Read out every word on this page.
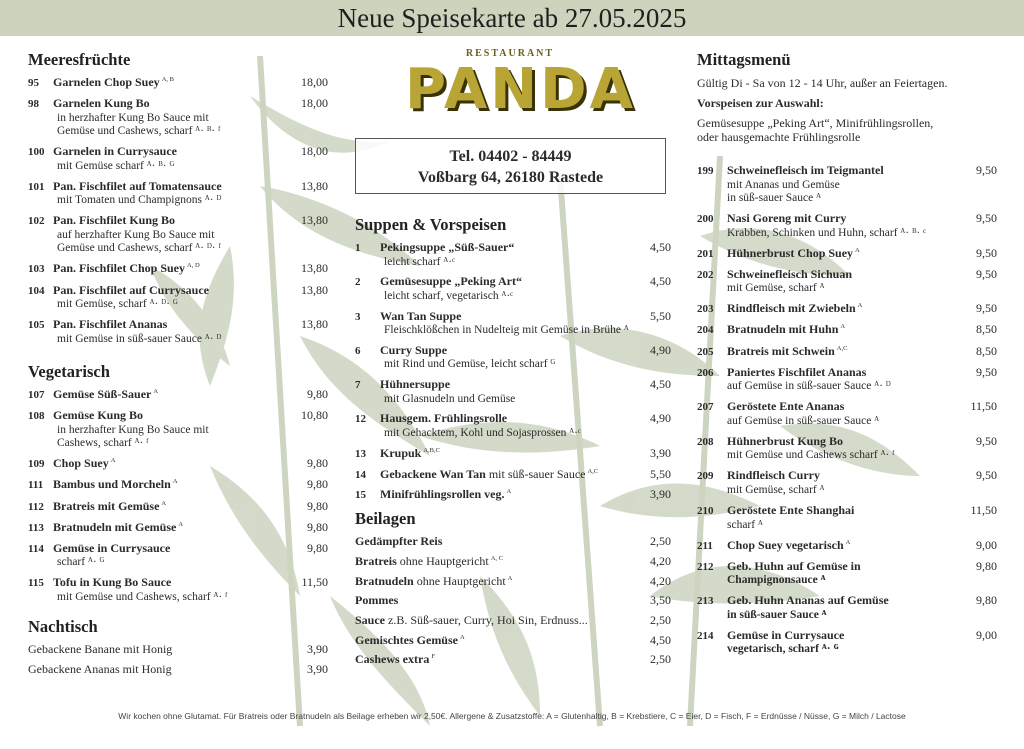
Neue Speisekarte ab 27.05.2025
Meeresfrüchte
95 Garnelen Chop Suey $^{A, B}$	18,00
98 Garnelen Kung Bo
in herzhafter Kung Bo Sauce mit
Gemüse und Cashews, scharf ᴬ· ᴮ· ᶠ
18,00
100 Garnelen in Currysauce
mit Gemüse scharf ᴬ· ᴮ· ᴳ
18,00
101 Pan. Fischfilet auf Tomatensauce
mit Tomaten und Champignons ᴬ· ᴰ
13,80
102 Pan. Fischfilet Kung Bo
auf herzhafter Kung Bo Sauce mit
Gemüse und Cashews, scharf ᴬ· ᴰ· ᶠ
13,80
103 Pan. Fischfilet Chop Suey $^{A, D}$	13,80
104 Pan. Fischfilet auf Currysauce
mit Gemüse, scharf ᴬ· ᴰ· ᴳ
13,80
105 Pan. Fischfilet Ananas
mit Gemüse in süß-sauer Sauce ᴬ· ᴰ
13,80
Vegetarisch
107 Gemüse Süß-Sauer $^A$	9,80
108 Gemüse Kung Bo
in herzhafter Kung Bo Sauce mit
Cashews, scharf ᴬ· ᶠ
10,80
109 Chop Suey $^A$	9,80
111 Bambus und Morcheln $^A$	9,80
112 Bratreis mit Gemüse $^A$	9,80
113 Bratnudeln mit Gemüse $^A$	9,80
114 Gemüse in Currysauce
scharf ᴬ· ᴳ
9,80
115 Tofu in Kung Bo Sauce
mit Gemüse und Cashews, scharf ᴬ· ᶠ
11,50
Nachtisch
Gebackene Banane mit Honig	3,90
Gebackene Ananas mit Honig	3,90
RESTAURANT
PANDA
Tel. 04402 - 84449
Voßbarg 64, 26180 Rastede
Suppen & Vorspeisen
1 Pekingsuppe „Süß-Sauer“
leicht scharf ᴬ·ᶜ
4,50
2 Gemüsesuppe „Peking Art“
leicht scharf, vegetarisch ᴬ·ᶜ
4,50
3 Wan Tan Suppe
Fleischklößchen in Nudelteig mit Gemüse in Brühe ᴬ
5,50
6 Curry Suppe
mit Rind und Gemüse, leicht scharf ᴳ
4,90
7 Hühnersuppe
mit Glasnudeln und Gemüse
4,50
12 Hausgem. Frühlingsrolle
mit Gehacktem, Kohl und Sojasprossen ᴬ·ᶜ
4,90
13 Krupuk $^{A,B,C}$	3,90
14 Gebackene Wan Tan mit süß-sauer Sauce $^{A,C}$	5,50
15 Minifrühlingsrollen veg. $^A$	3,90
Beilagen
Gedämpfter Reis	2,50
Bratreis ohne Hauptgericht $^{A, C}$	4,20
Bratnudeln ohne Hauptgericht $^A$	4,20
Pommes	3,50
Sauce z.B. Süß-sauer, Curry, Hoi Sin, Erdnuss...	2,50
Gemischtes Gemüse $^A$	4,50
Cashews extra $^F$	2,50
Mittagsmenü
Gültig Di - Sa von 12 - 14 Uhr, außer an Feiertagen.
Vorspeisen zur Auswahl:
Gemüsesuppe „Peking Art“, Minifrühlingsrollen,
oder hausgemachte Frühlingsrolle
199 Schweinefleisch im Teigmantel
mit Ananas und Gemüse
in süß-sauer Sauce ᴬ
9,50
200 Nasi Goreng mit Curry
Krabben, Schinken und Huhn, scharf ᴬ· ᴮ· ᶜ
9,50
201 Hühnerbrust Chop Suey $^A$	9,50
202 Schweinefleisch Sichuan
mit Gemüse, scharf ᴬ
9,50
203 Rindfleisch mit Zwiebeln $^A$	9,50
204 Bratnudeln mit Huhn $^A$	8,50
205 Bratreis mit Schwein $^{A,C}$	8,50
206 Paniertes Fischfilet Ananas
auf Gemüse in süß-sauer Sauce ᴬ· ᴰ
9,50
207 Geröstete Ente Ananas
auf Gemüse in süß-sauer Sauce ᴬ
11,50
208 Hühnerbrust Kung Bo
mit Gemüse und Cashews scharf ᴬ· ᶠ
9,50
209 Rindfleisch Curry
mit Gemüse, scharf ᴬ
9,50
210 Geröstete Ente Shanghai
scharf ᴬ
11,50
211 Chop Suey vegetarisch $^A$	9,00
212 Geb. Huhn auf Gemüse in
Champignonsauce ᴬ
9,80
213 Geb. Huhn Ananas auf Gemüse
in süß-sauer Sauce ᴬ
9,80
214 Gemüse in Currysauce
vegetarisch, scharf ᴬ· ᴳ
9,00
Wir kochen ohne Glutamat. Für Bratreis oder Bratnudeln als Beilage erheben wir 2,50€. Allergene & Zusatzstoffe: A = Glutenhaltig, B = Krebstiere, C = Eier, D = Fisch, F = Erdnüsse / Nüsse, G = Milch / Lactose
